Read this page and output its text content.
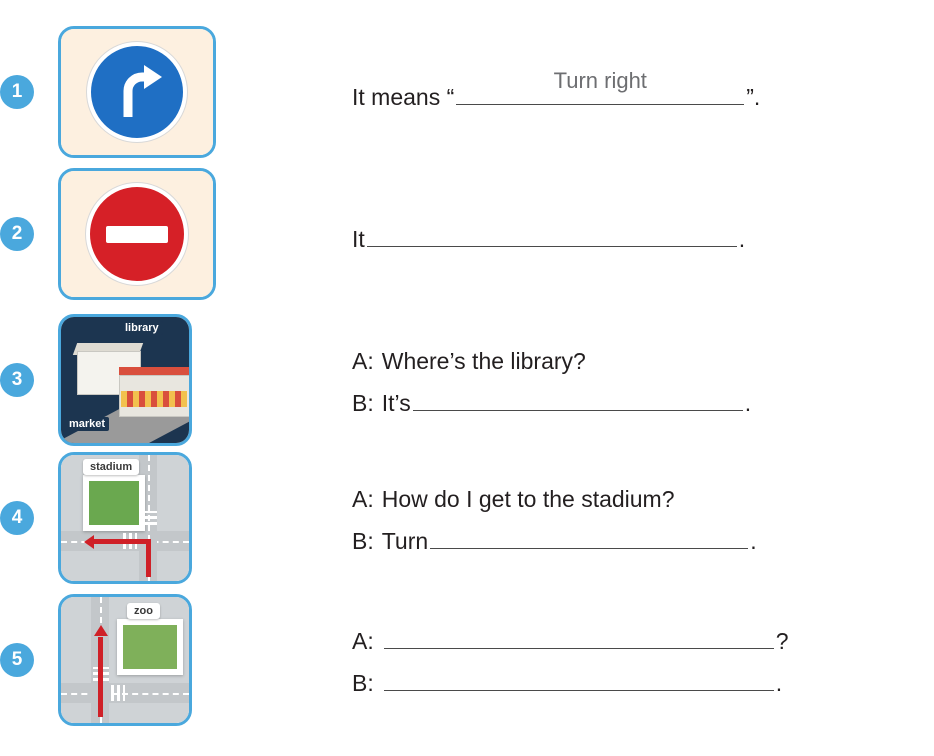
1	It means “
Turn right
”.
2	It	.
3
library
market
A: Where’s the library?
B: It’s	.
4
stadium
A: How do I get to the stadium?
B: Turn	.
5
zoo
A:	?
B:	.
